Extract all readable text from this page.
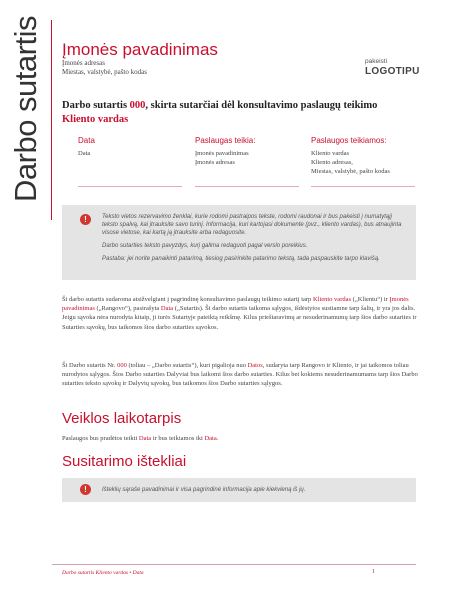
Darbo sutartis Įmonės pavadinimas
Įmonės adresas
Miestas, valstybė, pašto kodas
pakeisti
LOGOTIPU
Darbo sutartis 000, skirta sutarčiai dėl konsultavimo paslaugų teikimo
Kliento vardas
Data
Data
Paslaugas teikia:
Įmonės pavadinimas
Įmonės adresas
Paslaugos teikiamos:
Kliento vardas
Kliento adresas,
Miestas, valstybė, pašto kodas
!	Teksto vietos rezervavimo ženklai, kurie rodomi pastraipos tekste, rodomi raudonai ir bus pakeisti į numatytąjį teksto spalvą, kai įtrauksite savo turinį. Informacija, kuri kartojasi dokumente (pvz., kliento vardas), bus atnaujinta visose vietose, kai kartą ją įtrauksite arba redaguosite.

Darbo sutarties teksto pavyzdys, kurį galima redaguoti pagal verslo poreikius.

Pastaba: jei norite panaikinti patarimą, tiesiog pasirinkite patarimo tekstą, tada paspauskite tarpo klavišą.

Ši darbo sutartis sudaroma atsižvelgiant į pagrindinę konsultavimo paslaugų teikimo sutartį tarp Kliento vardas („Klientu“) ir Įmonės pavadinimas („Rangovo“), pasirašyta Data („Sutartis). Ši darbo sutartis taikoma sąlygos, išdėstytos sustiamne tarp šalių, ir yra jos dalis. Jeigu sąvoka nėra nurodyta kitaip, ji turės Sutartyje pateiktą reikšmę. Kilus prieštaravimų ar nesuderinamumų tarp šios darbo sutarties ir Sutarties sąvokų, bus taikomos šios darbo sutarties sąvokos.

Ši Darbo sutartis Nr. 000 (toliau – „Darbo sutartis“), kuri pigalioja nuo Datos, sudaryta tarp Rangovo ir Kliento, ir jai taikomos toliau nurodytos sąlygos. Šios Darbo sutarties Dalyviai bus laikomi šios darbo sutarties. Kilus bet kokiems nesuderinamumams tarp šios Darbo sutarties teksto sąvokų ir Dalyvių sąvokų, bus taikomos šios Darbo sutarties sąlygos.

Veiklos laikotarpis

Paslaugos bus pradėtos teikti Data ir bus teikiamos iki Data.

Susitarimo ištekliai
!	Išteklių sąraše pavadinimai ir visa pagrindinė informacija apie kiekvieną iš jų.
Darbo sutartis Kliento vardas • Data	1
